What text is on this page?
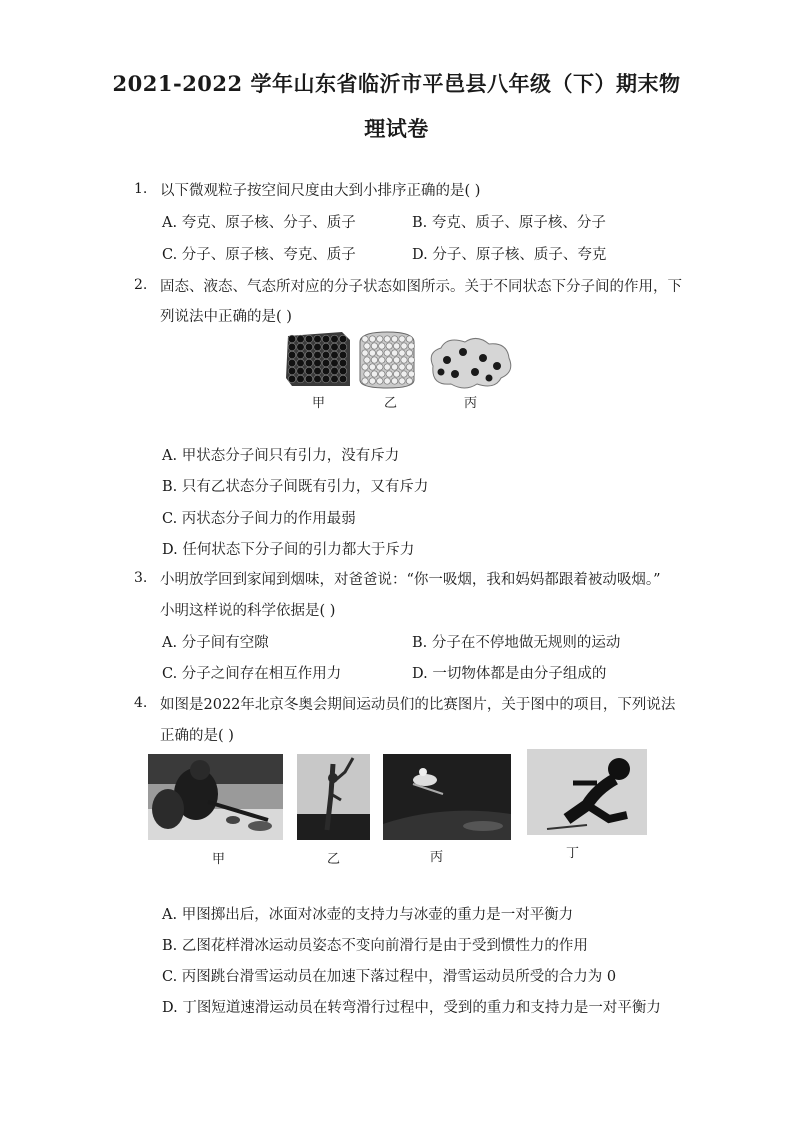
2021-2022 学年山东省临沂市平邑县八年级（下）期末物
理试卷
1. 以下微观粒子按空间尺度由大到小排序正确的是( )
A. 夸克、原子核、分子、质子	B. 夸克、质子、原子核、分子
C. 分子、原子核、夸克、质子	D. 分子、原子核、质子、夸克
2. 固态、液态、气态所对应的分子状态如图所示。关于不同状态下分子间的作用，下
列说法中正确的是( )
甲	乙	丙
A. 甲状态分子间只有引力，没有斥力
B. 只有乙状态分子间既有引力，又有斥力
C. 丙状态分子间力的作用最弱
D. 任何状态下分子间的引力都大于斥力
3. 小明放学回到家闻到烟味，对爸爸说：“你一吸烟，我和妈妈都跟着被动吸烟。”
小明这样说的科学依据是( )
A. 分子间有空隙	B. 分子在不停地做无规则的运动
C. 分子之间存在相互作用力	D. 一切物体都是由分子组成的
4. 如图是2022年北京冬奥会期间运动员们的比赛图片，关于图中的项目，下列说法
正确的是( )
甲	乙	丙	丁
A. 甲图掷出后，冰面对冰壶的支持力与冰壶的重力是一对平衡力
B. 乙图花样滑冰运动员姿态不变向前滑行是由于受到惯性力的作用
C. 丙图跳台滑雪运动员在加速下落过程中，滑雪运动员所受的合力为 0
D. 丁图短道速滑运动员在转弯滑行过程中，受到的重力和支持力是一对平衡力
